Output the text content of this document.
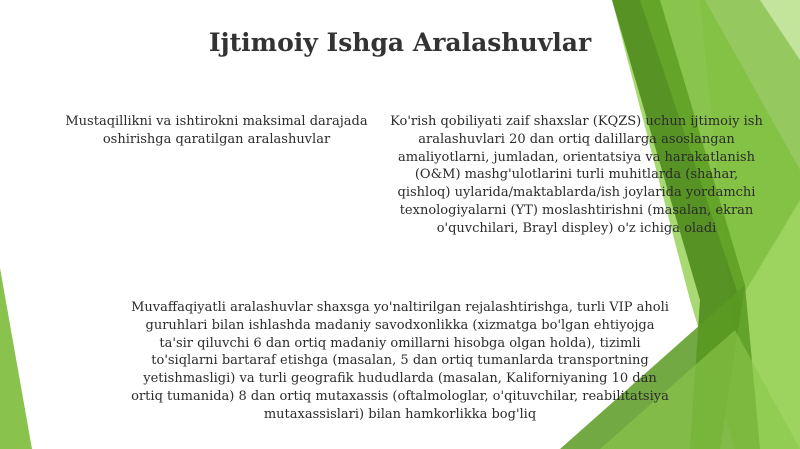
Ijtimoiy Ishga Aralashuvlar
Mustaqillikni va ishtirokni maksimal darajada oshirishga qaratilgan aralashuvlar
Ko'rish qobiliyati zaif shaxslar (KQZS) uchun ijtimoiy ish aralashuvlari 20 dan ortiq dalillarga asoslangan amaliyotlarni, jumladan, orientatsiya va harakatlanish (O&M) mashg'ulotlarini turli muhitlarda (shahar, qishloq) uylarida/maktablarda/ish joylarida yordamchi texnologiyalarni (YT) moslashtirishni (masalan, ekran o'quvchilari, Brayl displey) o'z ichiga oladi
Muvaffaqiyatli aralashuvlar shaxsga yo'naltirilgan rejalashtirishga, turli VIP aholi guruhlari bilan ishlashda madaniy savodxonlikka (xizmatga bo'lgan ehtiyojga ta'sir qiluvchi 6 dan ortiq madaniy omillarni hisobga olgan holda), tizimli to'siqlarni bartaraf etishga (masalan, 5 dan ortiq tumanlarda transportning yetishmasligi) va turli geografik hududlarda (masalan, Kaliforniyaning 10 dan ortiq tumanida) 8 dan ortiq mutaxassis (oftalmologlar, o'qituvchilar, reabilitatsiya mutaxassislari) bilan hamkorlikka bog'liq
